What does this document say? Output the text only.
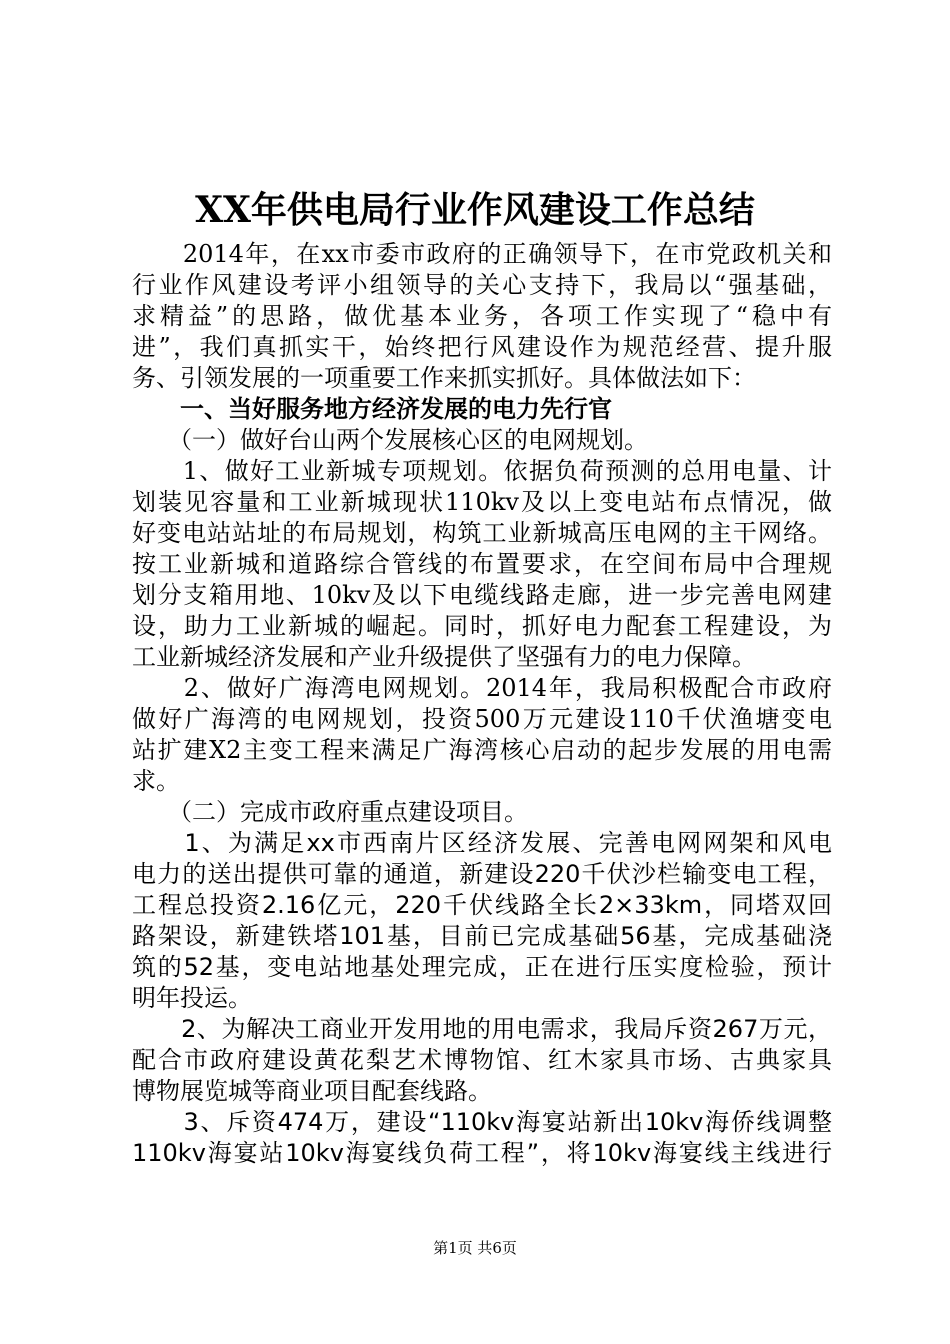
XX年供电局行业作风建设工作总结
　　2014年，在xx市委市政府的正确领导下，在市党政机关和
行业作风建设考评小组领导的关心支持下，我局以“强基础，
求精益”的思路，做优基本业务，各项工作实现了“稳中有
进”，我们真抓实干，始终把行风建设作为规范经营、提升服
务、引领发展的一项重要工作来抓实抓好。具体做法如下：
　　一、当好服务地方经济发展的电力先行官
　　（一）做好台山两个发展核心区的电网规划。
　　1、做好工业新城专项规划。依据负荷预测的总用电量、计
划装见容量和工业新城现状110kv及以上变电站布点情况，做
好变电站站址的布局规划，构筑工业新城高压电网的主干网络。
按工业新城和道路综合管线的布置要求，在空间布局中合理规
划分支箱用地、10kv及以下电缆线路走廊，进一步完善电网建
设，助力工业新城的崛起。同时，抓好电力配套工程建设，为
工业新城经济发展和产业升级提供了坚强有力的电力保障。
　　2、做好广海湾电网规划。2014年，我局积极配合市政府
做好广海湾的电网规划，投资500万元建设110千伏渔塘变电
站扩建X2主变工程来满足广海湾核心启动的起步发展的用电需
求。
　　（二）完成市政府重点建设项目。
　　1、为满足xx市西南片区经济发展、完善电网网架和风电
电力的送出提供可靠的通道，新建设220千伏沙栏输变电工程，
工程总投资2.16亿元，220千伏线路全长2×33km，同塔双回
路架设，新建铁塔101基，目前已完成基础56基，完成基础浇
筑的52基，变电站地基处理完成，正在进行压实度检验，预计
明年投运。
　　2、为解决工商业开发用地的用电需求，我局斥资267万元，
配合市政府建设黄花梨艺术博物馆、红木家具市场、古典家具
博物展览城等商业项目配套线路。
　　3、斥资474万，建设“110kv海宴站新出10kv海侨线调整
110kv海宴站10kv海宴线负荷工程”，将10kv海宴线主线进行
第1页 共6页
